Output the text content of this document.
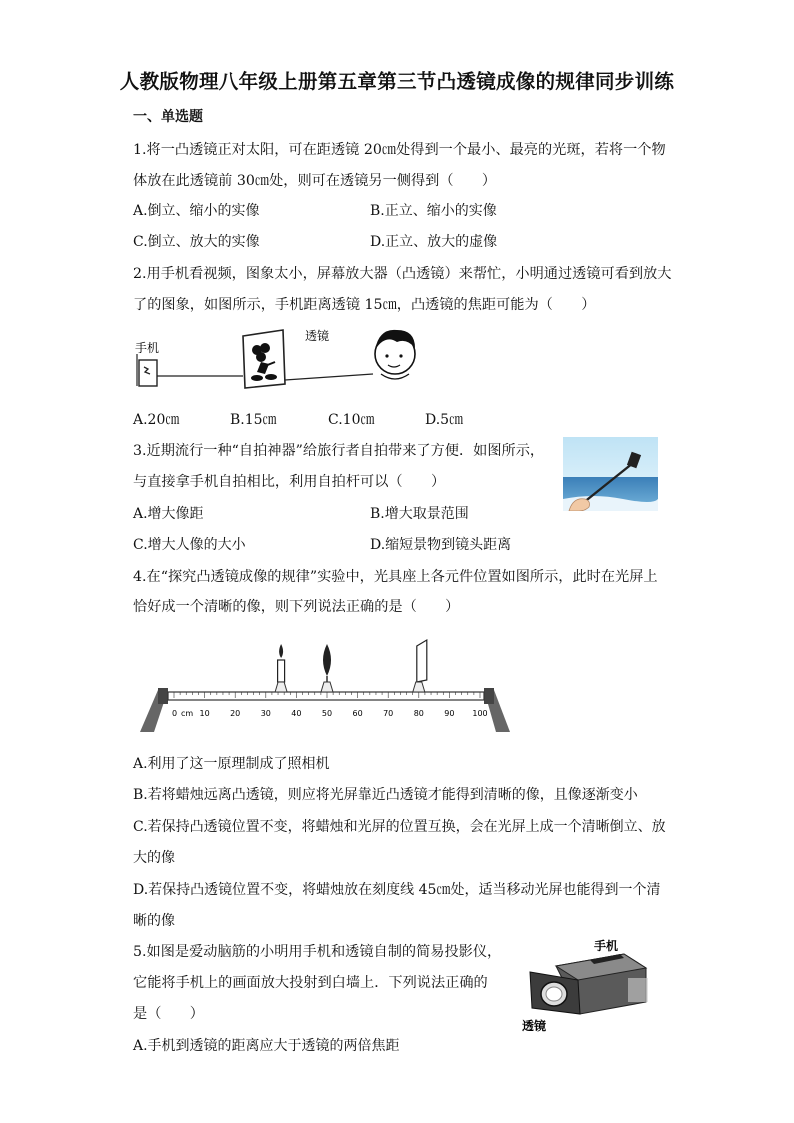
人教版物理八年级上册第五章第三节凸透镜成像的规律同步训练
一、单选题
1.将一凸透镜正对太阳，可在距透镜 20㎝处得到一个最小、最亮的光斑，若将一个物
体放在此透镜前 30㎝处，则可在透镜另一侧得到（　　）
A.倒立、缩小的实像	B.正立、缩小的实像
C.倒立、放大的实像	D.正立、放大的虚像
2.用手机看视频，图象太小，屏幕放大器（凸透镜）来帮忙，小明通过透镜可看到放大
了的图象，如图所示，手机距离透镜 15㎝，凸透镜的焦距可能为（　　）
手机
透镜
A.20㎝	B.15㎝	C.10㎝	D.5㎝
3.近期流行一种“自拍神器”给旅行者自拍带来了方便．如图所示，
与直接拿手机自拍相比，利用自拍杆可以（　　）
A.增大像距	B.增大取景范围
C.增大人像的大小	D.缩短景物到镜头距离
4.在“探究凸透镜成像的规律”实验中，光具座上各元件位置如图所示，此时在光屏上
恰好成一个清晰的像，则下列说法正确的是（　　）
0	10	20	30	40	50	60	70	80	90 100
cm
A.利用了这一原理制成了照相机
B.若将蜡烛远离凸透镜，则应将光屏靠近凸透镜才能得到清晰的像，且像逐渐变小
C.若保持凸透镜位置不变，将蜡烛和光屏的位置互换，会在光屏上成一个清晰倒立、放
大的像
D.若保持凸透镜位置不变，将蜡烛放在刻度线 45㎝处，适当移动光屏也能得到一个清
晰的像
5.如图是爱动脑筋的小明用手机和透镜自制的简易投影仪，
它能将手机上的画面放大投射到白墙上．下列说法正确的
是（　　）
手机
透镜
A.手机到透镜的距离应大于透镜的两倍焦距
